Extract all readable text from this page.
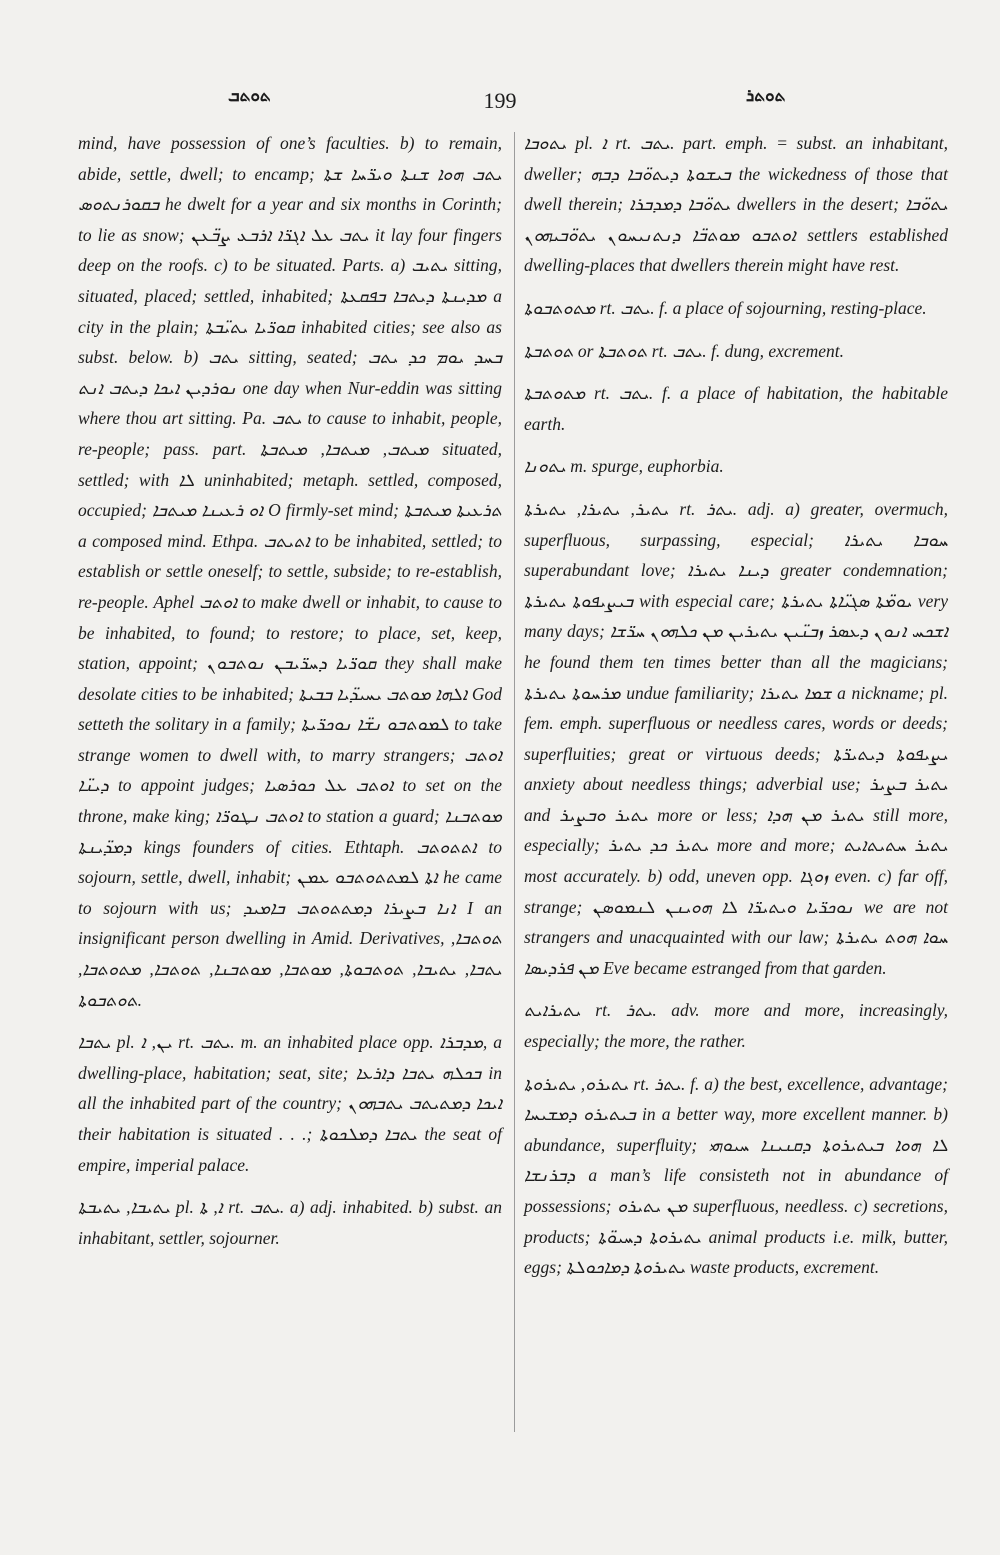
ܬܘܬܒ	199	ܬܘܬܪ

mind, have possession of one’s faculties. b) to remain, abide, settle, dwell; to encamp; ܝܬܒ ܗܘܐ ܫܢܬܐ ܘܝܪ̈ܚܐ ܫܬܐ ܒܩܘܪܢܬܘܣ he dwelt for a year and six months in Corinth; to lie as snow; ܝܬܒ ܥܠ ܐܓܪ̈ܐ ܐܪܒܥ ܨܒ̈ܥܢ it lay four fingers deep on the roofs. c) to be situated. Parts. a) ܝܬܝܒ sitting, situated, placed; settled, inhabited; ܡܕܝܢܬܐ ܕܝܬܒܐ ܒܦܩܥܬܐ a city in the plain; ܩܘܪ̈ܝܐ ܝܬܝ̈ܒܬܐ inhabited cities; see also as subst. below. b) ܝܬܒ sitting, seated; ܒܚܕ ܝܘܡ ܟܕ ܝܬܒ ܢܘܪܕܝܢ ܐܝܟܐ ܕܝܬܒ ܐܢܬ one day when Nur-eddin was sitting where thou art sitting. Pa. ܝܬܒ to cause to inhabit, people, re-people; pass. part. ܡܝܬܒ, ܡܝܬܒܐ, ܡܝܬܒܬܐ situated, settled; with ܠܐ uninhabited; metaph. settled, composed, occupied; ܐܘ ܪܥܝܢܐ ܡܝܬܒܐ O firmly-set mind; ܬܪܥܝܬܐ ܡܝܬܒܬܐ a composed mind. Ethpa. ܐܬܝܬܒ to be inhabited, settled; to establish or settle oneself; to settle, subside; to re-establish, re-people. Aphel ܐܘܬܒ to make dwell or inhabit, to cause to be inhabited, to found; to restore; to place, set, keep, station, appoint; ܩܘܪ̈ܝܐ ܕܚܪ̈ܝܒܢ ܢܘܬܒܘܢ they shall make desolate cities to be inhabited; ܐܠܗܐ ܡܘܬܒ ܝܚܝܕ̈ܝܐ ܒܒܝܬܐ God setteth the solitary in a family; ܠܡܘܬܒܘ ܢܫ̈ܐ ܢܘܟܪ̈ܝܬܐ to take strange women to dwell with, to marry strangers; ܐܘܬܒ ܕܝܢ̈ܐ to appoint judges; ܐܘܬܒ ܥܠ ܟܘܪܣܝܐ to set on the throne, make king; ܐܘܬܒ ܢܛܘܪ̈ܐ to station a guard; ܡܘܬܒܢܐ ܕܡܕ̈ܝܢܬܐ kings founders of cities. Ethtaph. ܐܬܬܘܬܒ to sojourn, settle, dwell, inhabit; ܐܬܐ ܠܡܬܬܘܬܒܘ ܥܡܢ he came to sojourn with us; ܐܢܐ ܒܨܝܪܐ ܕܡܬܬܘܬܒ ܒܐܡܝܕ I an insignificant person dwelling in Amid. Derivatives, ܬܘܬܒܐ, ܝܬܒܐ, ܝܬܝܒܐ, ܬܘܬܒܘܬܐ, ܡܘܬܒܐ, ܡܘܬܒܢܐ, ܬܘܬܒܐ, ܡܬܘܬܒܐ, ܬܘܬܒܘܬܐ.

ܝܬܒܐ pl. ܝܢ, ܐ rt. ܝܬܒ. m. an inhabited place opp. ܡܕܒܪܐ, a dwelling-place, habitation; seat, site; ܒܟܠܗ ܝܬܒܐ ܕܐܪܥܐ in all the inhabited part of the country; ܐܝܟܐ ܕܡܬܝܬܒ ܝܬܒܗܘܢ their habitation is situated . . .; ܝܬܒܐ ܕܡܠܟܘܬܐ the seat of empire, imperial palace.

ܝܬܝܒܐ, ܝܬܝܒܬܐ pl. ܐ, ܬܐ rt. ܝܬܒ. a) adj. inhabited. b) subst. an inhabitant, settler, sojourner.

ܝܬܘܒܐ pl. ܐ rt. ܝܬܒ. part. emph. = subst. an inhabitant, dweller; ܒܝܫܘܬܐ ܕܝܬܘ̈ܒܐ ܕܒܗ the wickedness of those that dwell therein; ܝܬܘ̈ܒܐ ܕܡܕܒܪܐ dwellers in the desert; ܝܬܘ̈ܒܐ ܐܘܬܒܘ ܡܘܬܒ̈ܐ ܕܢܬܢܝܚܘܢ ܝܬܘ̈ܒܝܗܘܢ settlers established dwelling-places that dwellers therein might have rest.

ܡܬܘܬܒܘܬܐ rt. ܝܬܒ. f. a place of sojourning, resting-place.

ܬܘܬܒܬܐ or ܬܘܬܒܬܐ rt. ܝܬܒ. f. dung, excrement.

ܡܬܘܬܒܬܐ rt. ܝܬܒ. f. a place of habitation, the habitable earth.

ܝܬܘܢܐ m. spurge, euphorbia.

ܝܬܝܪ, ܝܬܝܪܐ, ܝܬܝܪܬܐ rt. ܝܬܪ. adj. a) greater, overmuch, superfluous, surpassing, especial; ܚܘܒܐ ܝܬܝܪܐ superabundant love; ܕܝܢܐ ܝܬܝܪܐ greater condemnation; ܒܝܨܝܦܘܬܐ ܝܬܝܪܬܐ with especial care; ܝܘܡ̈ܬܐ ܣܓܝ̈ܐܬܐ ܝܬܝܪܬܐ very many days; ܐܫܟܚ ܐܢܘܢ ܕܥܣܪ ܙܒܢ̈ܝܢ ܝܬܝܪܝܢ ܡܢ ܟܠܗܘܢ ܚܪ̈ܫܐ he found them ten times better than all the magicians; ܡܪܚܘܬܐ ܝܬܝܪܬܐ undue familiarity; ܫܡܐ ܝܬܝܪܐ a nickname; pl. fem. emph. superfluous or needless cares, words or deeds; superfluities; great or virtuous deeds; ܝܨܝܦܘܬܐ ܕܝܬܝܪ̈ܬܐ anxiety about needless things; adverbial use; ܝܬܝܪ ܒܨܝܪ and ܝܬܝܪ ܘܒܨܝܪ more or less; ܝܬܝܪ ܡܢ ܗܕܐ still more, especially; ܝܬܝܪ ܟܕ ܝܬܝܪ more and more; ܝܬܝܪ ܚܬܝܬܐܝܬ most accurately. b) odd, uneven opp. ܙܘܓܐ even. c) far off, strange; ܢܘܟܪ̈ܝܐ ܘܝܬܝܪ̈ܐ ܠܐ ܗܘܝܢܢ ܠܢܡܘܣܢ we are not strangers and unacquainted with our law; ܚܘܐ ܗܘܬ ܝܬܝܪܬܐ ܡܢ ܦܪܕܝܣܐ Eve became estranged from that garden.

ܝܬܝܪܐܝܬ rt. ܝܬܪ. adv. more and more, increasingly, especially; the more, the rather.

ܝܬܝܪܘ, ܝܬܝܪܘܬܐ rt. ܝܬܪ. f. a) the best, excellence, advantage; ܒܝܬܝܪܘ ܕܡܫܝܚܐ in a better way, more excellent manner. b) abundance, superfluity; ܠܐ ܗܘܐ ܒܝܬܝܪܘܬܐ ܕܩܢܝܢܐ ܚܝܘܗܝ ܕܒܪܢܫܐ a man’s life consisteth not in abundance of possessions; ܡܢ ܝܬܝܪܘ superfluous, needless. c) secretions, products; ܝܬܝܪܘܬܐ ܕܚܝܘ̈ܬܐ animal products i.e. milk, butter, eggs; ܝܬܝܪܘܬܐ ܕܡܐܟܘܠܬܐ waste products, excrement.
